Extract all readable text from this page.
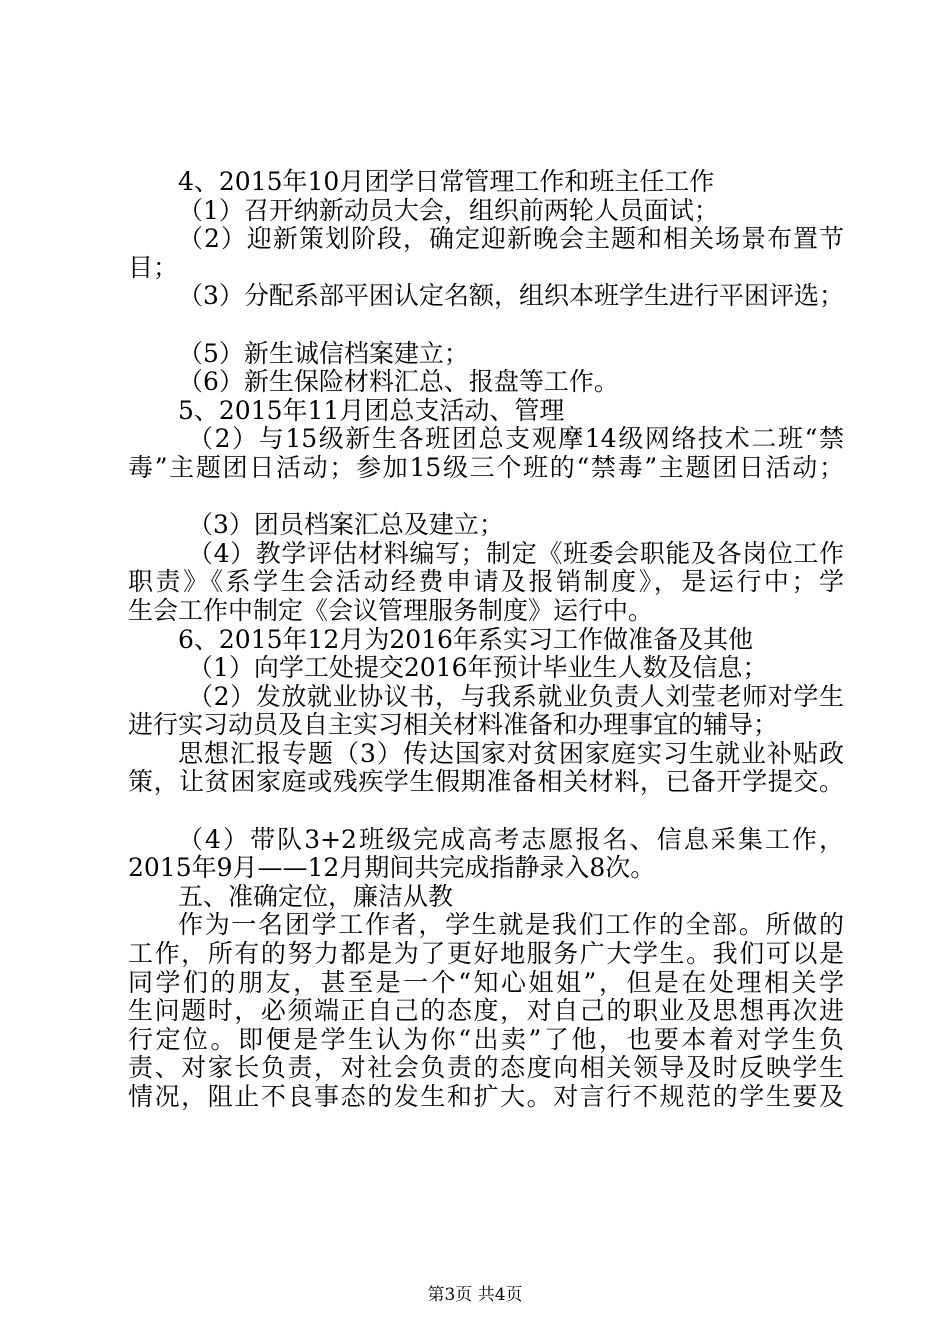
4、2015年10月团学日常管理工作和班主任工作
（1）召开纳新动员大会，组织前两轮人员面试；
（2）迎新策划阶段，确定迎新晚会主题和相关场景布置节
目；
（3）分配系部平困认定名额，组织本班学生进行平困评选；
（5）新生诚信档案建立；
（6）新生保险材料汇总、报盘等工作。
5、2015年11月团总支活动、管理
（2）与15级新生各班团总支观摩14级网络技术二班“禁
毒”主题团日活动；参加15级三个班的“禁毒”主题团日活动；
（3）团员档案汇总及建立；
（4）教学评估材料编写；制定《班委会职能及各岗位工作
职责》《系学生会活动经费申请及报销制度》，是运行中；学
生会工作中制定《会议管理服务制度》运行中。
6、2015年12月为2016年系实习工作做准备及其他
（1）向学工处提交2016年预计毕业生人数及信息；
（2）发放就业协议书，与我系就业负责人刘莹老师对学生
进行实习动员及自主实习相关材料准备和办理事宜的辅导；
思想汇报专题（3）传达国家对贫困家庭实习生就业补贴政
策，让贫困家庭或残疾学生假期准备相关材料，已备开学提交。
（4）带队3+2班级完成高考志愿报名、信息采集工作，
2015年9月——12月期间共完成指静录入8次。
五、准确定位，廉洁从教
作为一名团学工作者，学生就是我们工作的全部。所做的
工作，所有的努力都是为了更好地服务广大学生。我们可以是
同学们的朋友，甚至是一个“知心姐姐”，但是在处理相关学
生问题时，必须端正自己的态度，对自己的职业及思想再次进
行定位。即便是学生认为你“出卖”了他，也要本着对学生负
责、对家长负责，对社会负责的态度向相关领导及时反映学生
情况，阻止不良事态的发生和扩大。对言行不规范的学生要及
第3页 共4页
